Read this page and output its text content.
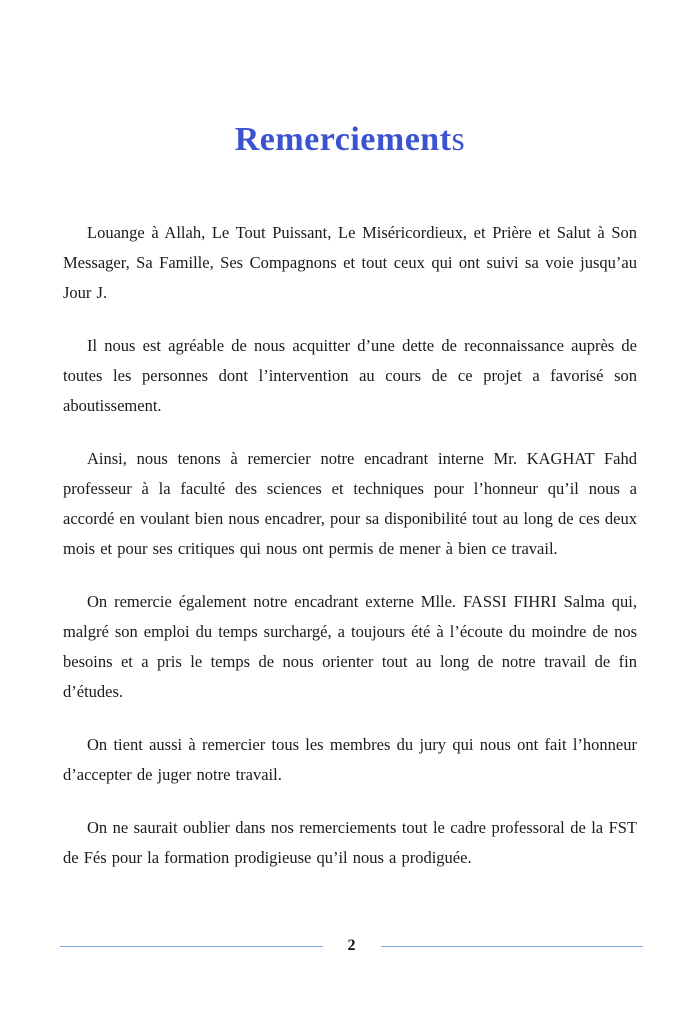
Remerciements

Louange à Allah, Le Tout Puissant, Le Miséricordieux, et Prière et Salut à Son Messager, Sa Famille, Ses Compagnons et tout ceux qui ont suivi sa voie jusqu’au Jour J.

Il nous est agréable de nous acquitter d’une dette de reconnaissance auprès de toutes les personnes dont l’intervention au cours de ce projet a favorisé son aboutissement.

Ainsi, nous tenons à remercier notre encadrant interne Mr. KAGHAT Fahd professeur à la faculté des sciences et techniques pour l’honneur qu’il nous a accordé en voulant bien nous encadrer, pour sa disponibilité tout au long de ces deux mois et pour ses critiques qui nous ont permis de mener à bien ce travail.

On remercie également notre encadrant externe Mlle. FASSI FIHRI Salma qui, malgré son emploi du temps surchargé, a toujours été à l’écoute du moindre de nos besoins et a pris le temps de nous orienter tout au long de notre travail de fin d’études.

On tient aussi à remercier tous les membres du jury qui nous ont fait l’honneur d’accepter de juger notre travail.

On ne saurait oublier dans nos remerciements tout le cadre professoral de la FST de Fés pour la formation prodigieuse qu’il nous a prodiguée.

2
